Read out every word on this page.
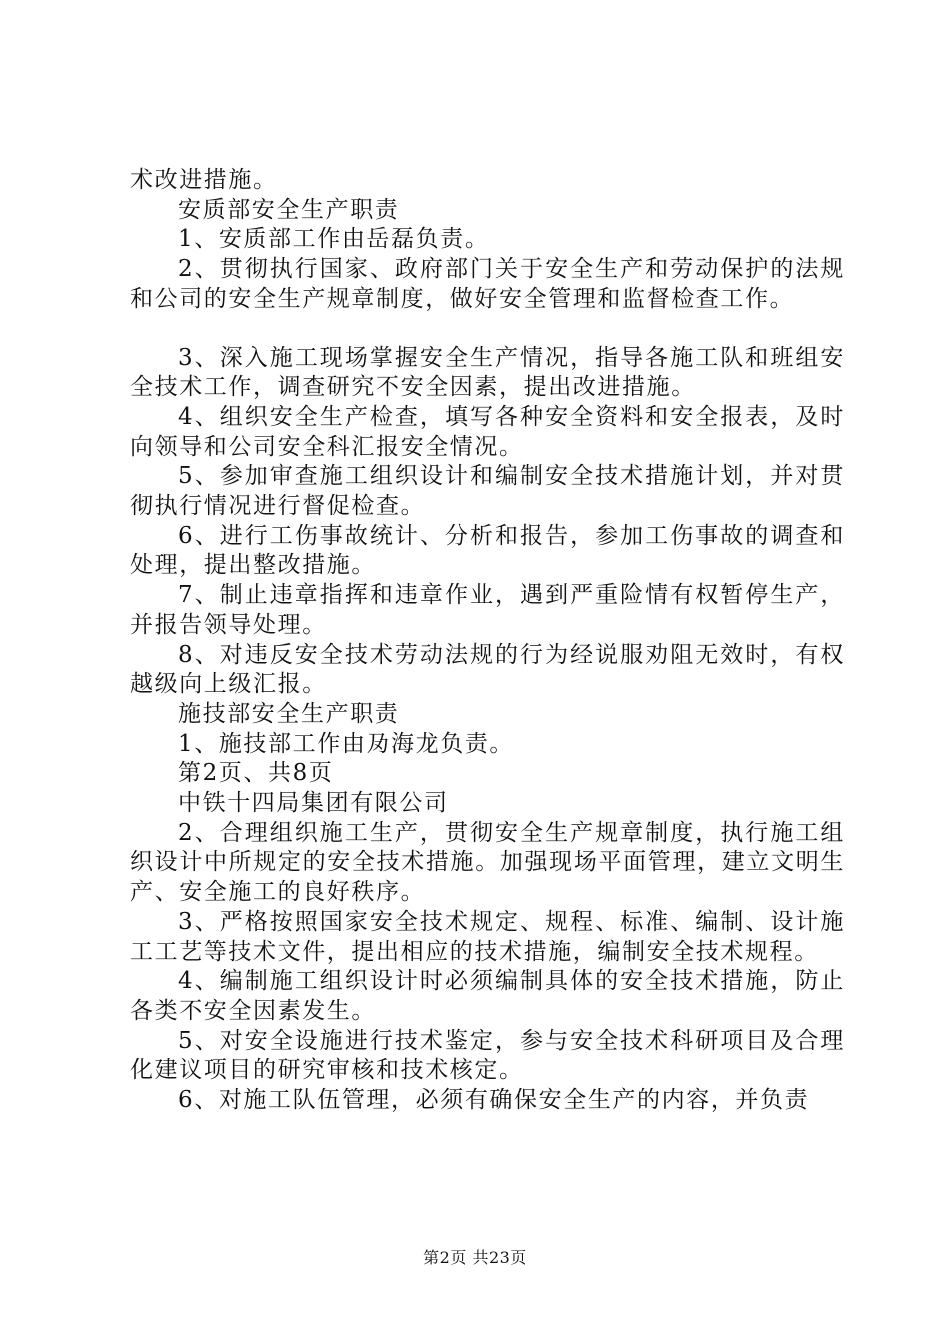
术改进措施。

安质部安全生产职责

1、安质部工作由岳磊负责。

2、贯彻执行国家、政府部门关于安全生产和劳动保护的法规和公司的安全生产规章制度，做好安全管理和监督检查工作。

3、深入施工现场掌握安全生产情况，指导各施工队和班组安全技术工作，调查研究不安全因素，提出改进措施。

4、组织安全生产检查，填写各种安全资料和安全报表，及时向领导和公司安全科汇报安全情况。

5、参加审查施工组织设计和编制安全技术措施计划，并对贯彻执行情况进行督促检查。

6、进行工伤事故统计、分析和报告，参加工伤事故的调查和处理，提出整改措施。

7、制止违章指挥和违章作业，遇到严重险情有权暂停生产，并报告领导处理。

8、对违反安全技术劳动法规的行为经说服劝阻无效时，有权越级向上级汇报。

施技部安全生产职责

1、施技部工作由夃海龙负责。

第2页、共8页

中铁十四局集团有限公司

2、合理组织施工生产，贯彻安全生产规章制度，执行施工组织设计中所规定的安全技术措施。加强现场平面管理，建立文明生产、安全施工的良好秩序。

3、严格按照国家安全技术规定、规程、标准、编制、设计施工工艺等技术文件，提出相应的技术措施，编制安全技术规程。

4、编制施工组织设计时必须编制具体的安全技术措施，防止各类不安全因素发生。

5、对安全设施进行技术鉴定，参与安全技术科研项目及合理化建议项目的研究审核和技术核定。

6、对施工队伍管理，必须有确保安全生产的内容，并负责

第2页 共23页
